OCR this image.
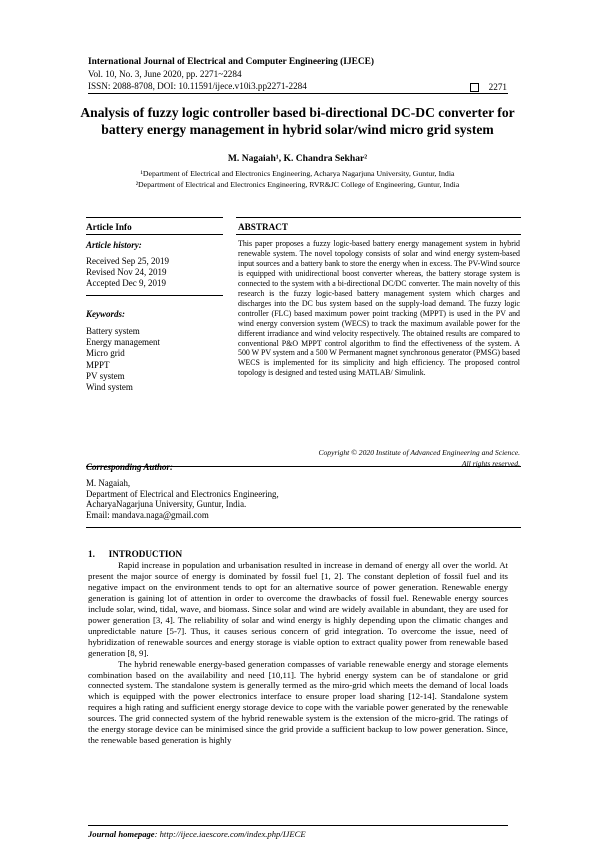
International Journal of Electrical and Computer Engineering (IJECE)
Vol. 10, No. 3, June 2020, pp. 2271~2284
ISSN: 2088-8708, DOI: 10.11591/ijece.v10i3.pp2271-2284	2271
Analysis of fuzzy logic controller based bi-directional DC-DC converter for battery energy management in hybrid solar/wind micro grid system
M. Nagaiah¹, K. Chandra Sekhar²
¹Department of Electrical and Electronics Engineering, Acharya Nagarjuna University, Guntur, India
²Department of Electrical and Electronics Engineering, RVR&JC College of Engineering, Guntur, India
Article Info	ABSTRACT
Article history:
Received Sep 25, 2019
Revised Nov 24, 2019
Accepted Dec 9, 2019
Keywords:
Battery system
Energy management
Micro grid
MPPT
PV system
Wind system
This paper proposes a fuzzy logic-based battery energy management system in hybrid renewable system. The novel topology consists of solar and wind energy system-based input sources and a battery bank to store the energy when in excess. The PV-Wind source is equipped with unidirectional boost converter whereas, the battery storage system is connected to the system with a bi-directional DC/DC converter. The main novelty of this research is the fuzzy logic-based battery management system which charges and discharges into the DC bus system based on the supply-load demand. The fuzzy logic controller (FLC) based maximum power point tracking (MPPT) is used in the PV and wind energy conversion system (WECS) to track the maximum available power for the different irradiance and wind velocity respectively. The obtained results are compared to conventional P&O MPPT control algorithm to find the effectiveness of the system. A 500 W PV system and a 500 W Permanent magnet synchronous generator (PMSG) based WECS is implemented for its simplicity and high efficiency. The proposed control topology is designed and tested using MATLAB/ Simulink.
Copyright © 2020 Institute of Advanced Engineering and Science.
All rights reserved.
Corresponding Author:
M. Nagaiah,
Department of Electrical and Electronics Engineering,
AcharyaNagarjuna University, Guntur, India.
Email: mandava.naga@gmail.com
1.      INTRODUCTION

Rapid increase in population and urbanisation resulted in increase in demand of energy all over the world. At present the major source of energy is dominated by fossil fuel [1, 2]. The constant depletion of fossil fuel and its negative impact on the environment tends to opt for an alternative source of power generation. Renewable energy generation is gaining lot of attention in order to overcome the drawbacks of fossil fuel. Renewable energy sources include solar, wind, tidal, wave, and biomass. Since solar and wind are widely available in abundant, they are used for power generation [3, 4]. The reliability of solar and wind energy is highly depending upon the climatic changes and unpredictable nature [5-7]. Thus, it causes serious concern of grid integration. To overcome the issue, need of hybridization of renewable sources and energy storage is viable option to extract quality power from renewable based generation [8, 9].

The hybrid renewable energy-based generation compasses of variable renewable energy and storage elements combination based on the availability and need [10,11]. The hybrid energy system can be of standalone or grid connected system. The standalone system is generally termed as the miro-grid which meets the demand of local loads which is equipped with the power electronics interface to ensure proper load sharing [12-14]. Standalone system requires a high rating and sufficient energy storage device to cope with the variable power generated by the renewable sources. The grid connected system of the hybrid renewable system is the extension of the micro-grid. The ratings of the energy storage device can be minimised since the grid provide a sufficient backup to low power generation. Since, the renewable based generation is highly

Journal homepage: http://ijece.iaescore.com/index.php/IJECE
